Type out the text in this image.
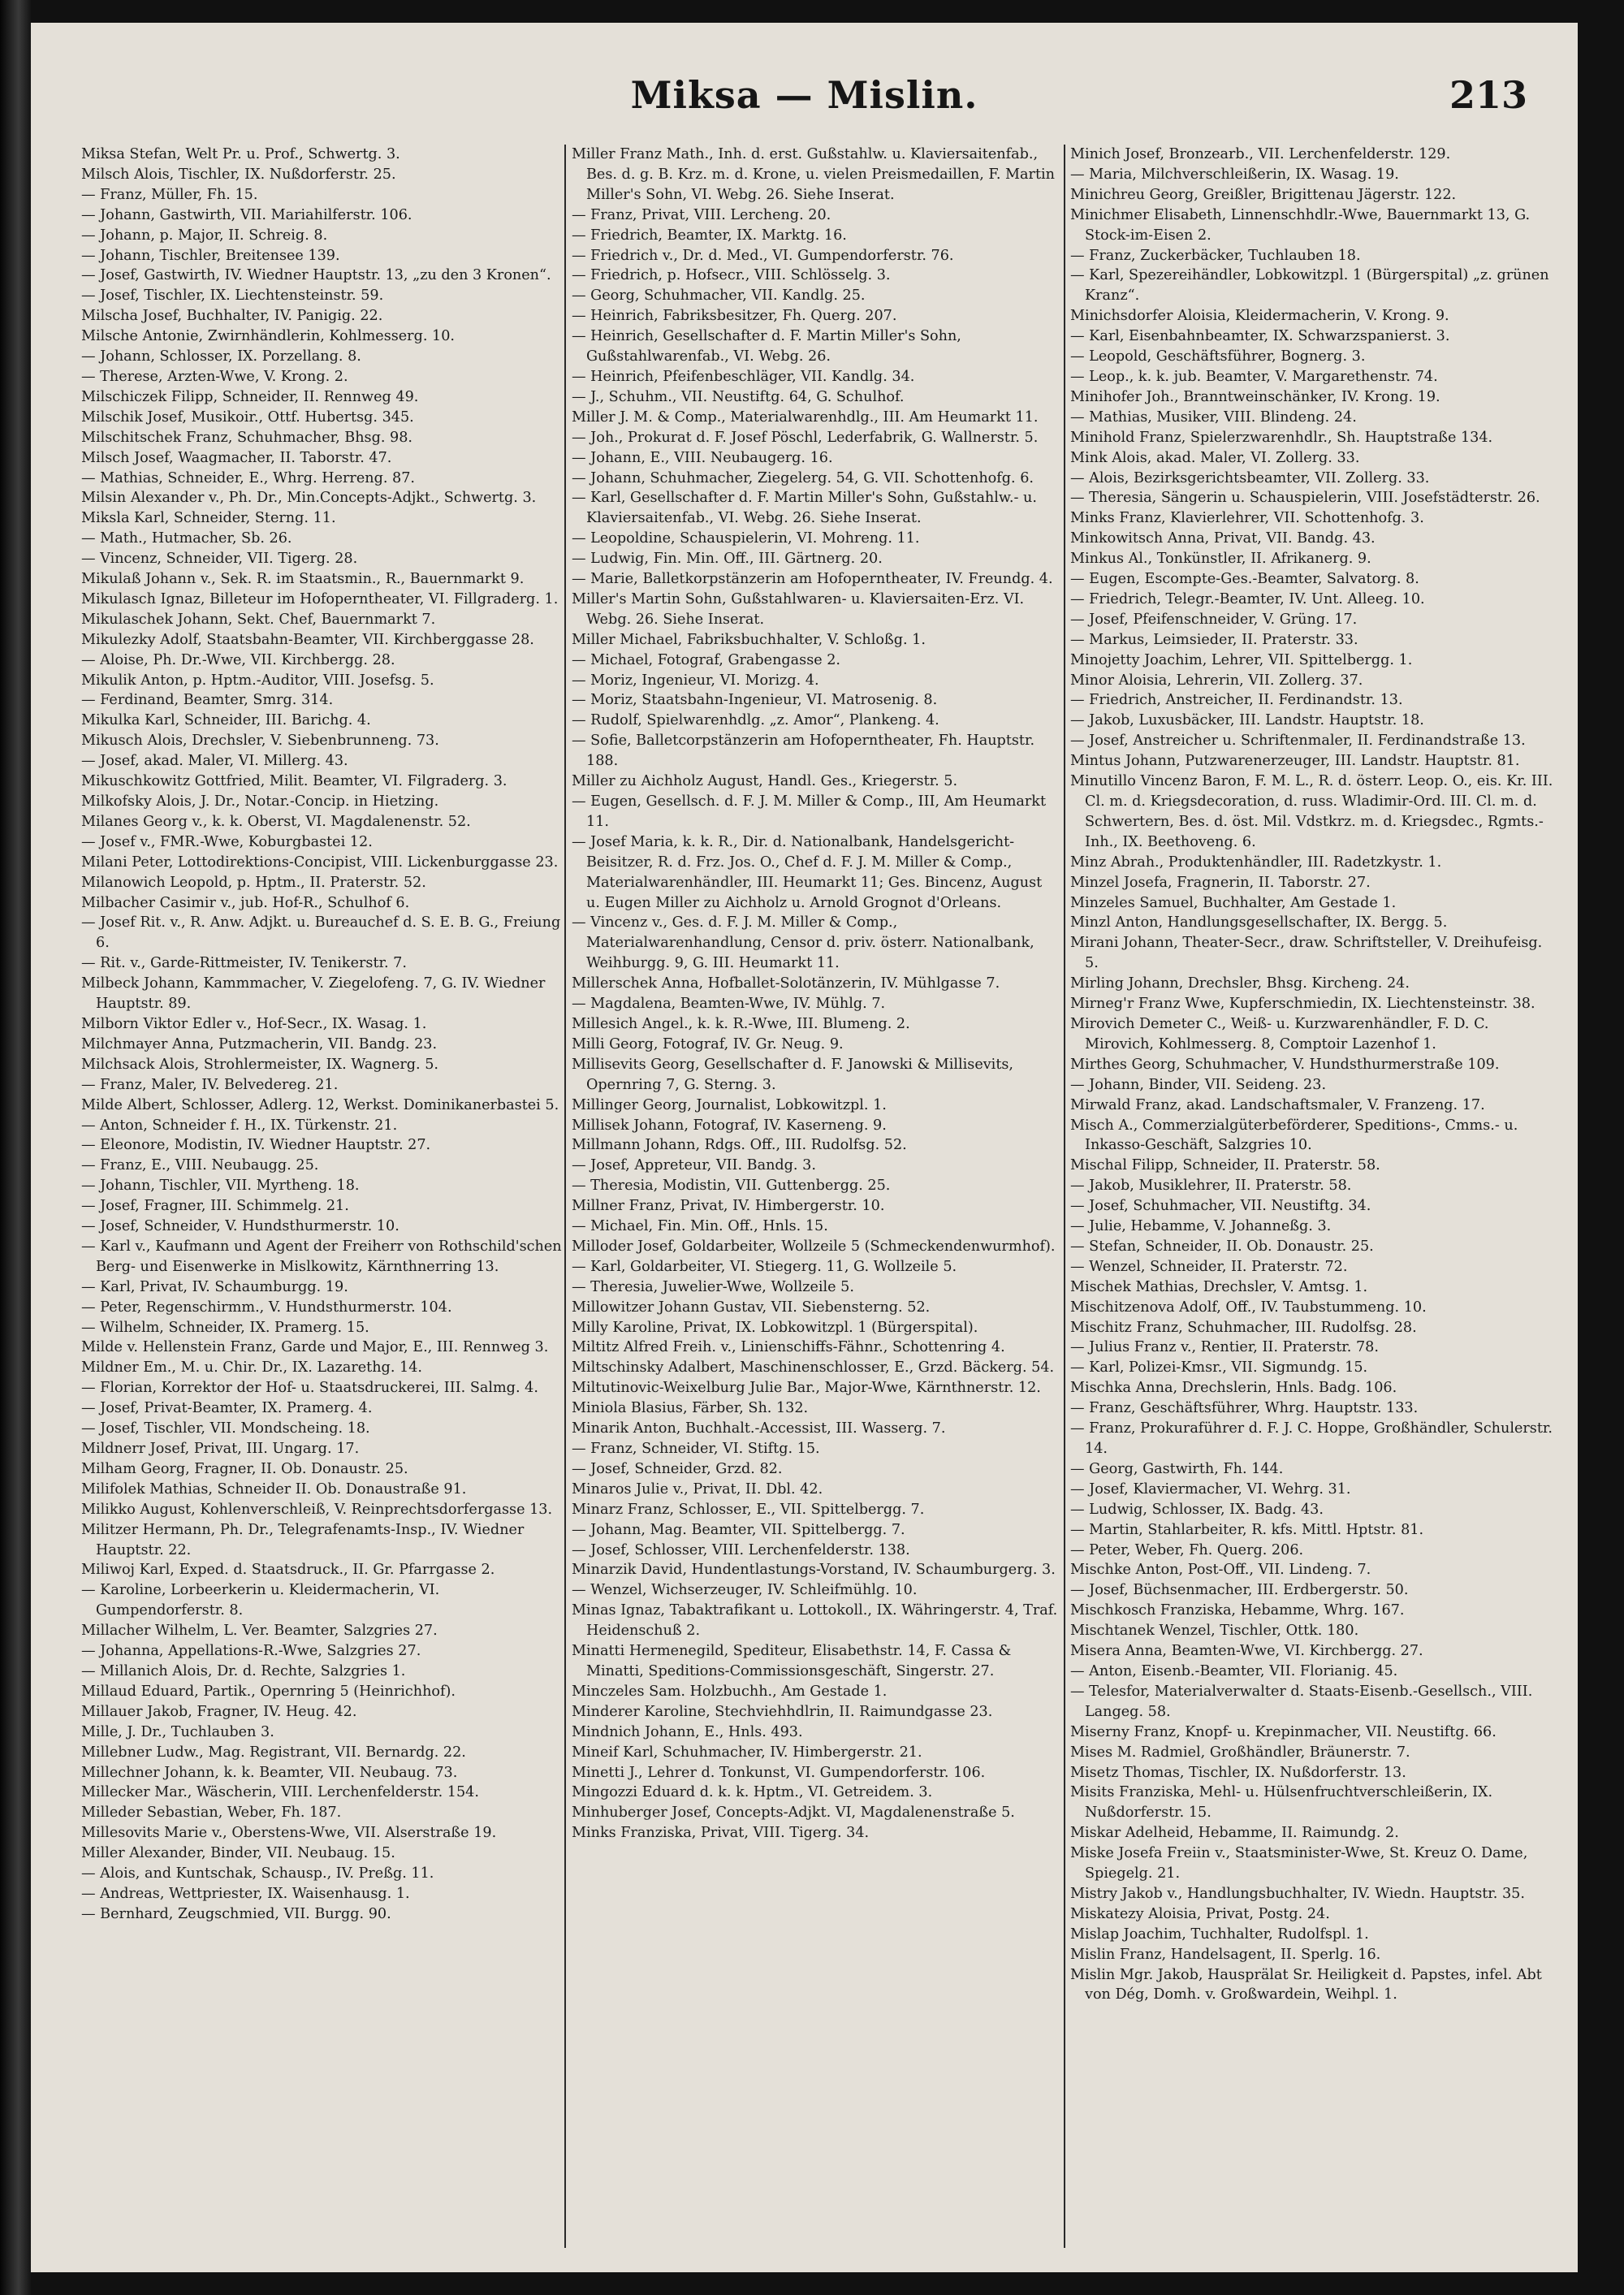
Miksa — Mislin.	213
Miksa Stefan, Welt Pr. u. Prof., Schwertg. 3.
Milsch Alois, Tischler, IX. Nußdorferstr. 25.
— Franz, Müller, Fh. 15.
— Johann, Gastwirth, VII. Mariahilferstr. 106.
— Johann, p. Major, II. Schreig. 8.
— Johann, Tischler, Breitensee 139.
— Josef, Gastwirth, IV. Wiedner Hauptstr. 13, „zu den 3 Kronen“.
— Josef, Tischler, IX. Liechtensteinstr. 59.
Milscha Josef, Buchhalter, IV. Panigig. 22.
Milsche Antonie, Zwirnhändlerin, Kohlmesserg. 10.
— Johann, Schlosser, IX. Porzellang. 8.
— Therese, Arzten-Wwe, V. Krong. 2.
Milschiczek Filipp, Schneider, II. Rennweg 49.
Milschik Josef, Musikoir., Ottf. Hubertsg. 345.
Milschitschek Franz, Schuhmacher, Bhsg. 98.
Milsch Josef, Waagmacher, II. Taborstr. 47.
— Mathias, Schneider, E., Whrg. Herreng. 87.
Milsin Alexander v., Ph. Dr., Min.Concepts-Adjkt., Schwertg. 3.
Miksla Karl, Schneider, Sterng. 11.
— Math., Hutmacher, Sb. 26.
— Vincenz, Schneider, VII. Tigerg. 28.
Mikulaß Johann v., Sek. R. im Staatsmin., R., Bauernmarkt 9.
Mikulasch Ignaz, Billeteur im Hofoperntheater, VI. Fillgraderg. 1.
Mikulaschek Johann, Sekt. Chef, Bauernmarkt 7.
Mikulezky Adolf, Staatsbahn-Beamter, VII. Kirchberggasse 28.
— Aloise, Ph. Dr.-Wwe, VII. Kirchbergg. 28.
Mikulik Anton, p. Hptm.-Auditor, VIII. Josefsg. 5.
— Ferdinand, Beamter, Smrg. 314.
Mikulka Karl, Schneider, III. Barichg. 4.
Mikusch Alois, Drechsler, V. Siebenbrunneng. 73.
— Josef, akad. Maler, VI. Millerg. 43.
Mikuschkowitz Gottfried, Milit. Beamter, VI. Filgraderg. 3.
Milkofsky Alois, J. Dr., Notar.-Concip. in Hietzing.
Milanes Georg v., k. k. Oberst, VI. Magdalenenstr. 52.
— Josef v., FMR.-Wwe, Koburgbastei 12.
Milani Peter, Lottodirektions-Concipist, VIII. Lickenburggasse 23.
Milanowich Leopold, p. Hptm., II. Praterstr. 52.
Milbacher Casimir v., jub. Hof-R., Schulhof 6.
— Josef Rit. v., R. Anw. Adjkt. u. Bureauchef d. S. E. B. G., Freiung 6.
— Rit. v., Garde-Rittmeister, IV. Tenikerstr. 7.
Milbeck Johann, Kammmacher, V. Ziegelofeng. 7, G. IV. Wiedner Hauptstr. 89.
Milborn Viktor Edler v., Hof-Secr., IX. Wasag. 1.
Milchmayer Anna, Putzmacherin, VII. Bandg. 23.
Milchsack Alois, Strohlermeister, IX. Wagnerg. 5.
— Franz, Maler, IV. Belvedereg. 21.
Milde Albert, Schlosser, Adlerg. 12, Werkst. Dominikanerbastei 5.
— Anton, Schneider f. H., IX. Türkenstr. 21.
— Eleonore, Modistin, IV. Wiedner Hauptstr. 27.
— Franz, E., VIII. Neubaugg. 25.
— Johann, Tischler, VII. Myrtheng. 18.
— Josef, Fragner, III. Schimmelg. 21.
— Josef, Schneider, V. Hundsthurmerstr. 10.
— Karl v., Kaufmann und Agent der Freiherr von Rothschild'schen Berg- und Eisenwerke in Mislkowitz, Kärnthnerring 13.
— Karl, Privat, IV. Schaumburgg. 19.
— Peter, Regenschirmm., V. Hundsthurmerstr. 104.
— Wilhelm, Schneider, IX. Pramerg. 15.
Milde v. Hellenstein Franz, Garde und Major, E., III. Rennweg 3.
Mildner Em., M. u. Chir. Dr., IX. Lazarethg. 14.
— Florian, Korrektor der Hof- u. Staatsdruckerei, III. Salmg. 4.
— Josef, Privat-Beamter, IX. Pramerg. 4.
— Josef, Tischler, VII. Mondscheing. 18.
Mildnerr Josef, Privat, III. Ungarg. 17.
Milham Georg, Fragner, II. Ob. Donaustr. 25.
Milifolek Mathias, Schneider II. Ob. Donaustraße 91.
Milikko August, Kohlenverschleiß, V. Reinprechtsdorfergasse 13.
Militzer Hermann, Ph. Dr., Telegrafenamts-Insp., IV. Wiedner Hauptstr. 22.
Miliwoj Karl, Exped. d. Staatsdruck., II. Gr. Pfarrgasse 2.
— Karoline, Lorbeerkerin u. Kleidermacherin, VI. Gumpendorferstr. 8.
Millacher Wilhelm, L. Ver. Beamter, Salzgries 27.
— Johanna, Appellations-R.-Wwe, Salzgries 27.
— Millanich Alois, Dr. d. Rechte, Salzgries 1.
Millaud Eduard, Partik., Opernring 5 (Heinrichhof).
Millauer Jakob, Fragner, IV. Heug. 42.
Mille, J. Dr., Tuchlauben 3.
Millebner Ludw., Mag. Registrant, VII. Bernardg. 22.
Millechner Johann, k. k. Beamter, VII. Neubaug. 73.
Millecker Mar., Wäscherin, VIII. Lerchenfelderstr. 154.
Milleder Sebastian, Weber, Fh. 187.
Millesovits Marie v., Oberstens-Wwe, VII. Alserstraße 19.
Miller Alexander, Binder, VII. Neubaug. 15.
— Alois, and Kuntschak, Schausp., IV. Preßg. 11.
— Andreas, Wettpriester, IX. Waisenhausg. 1.
— Bernhard, Zeugschmied, VII. Burgg. 90.
Miller Franz Math., Inh. d. erst. Gußstahlw. u. Klaviersaitenfab., Bes. d. g. B. Krz. m. d. Krone, u. vielen Preismedaillen, F. Martin Miller's Sohn, VI. Webg. 26. Siehe Inserat.
— Franz, Privat, VIII. Lercheng. 20.
— Friedrich, Beamter, IX. Marktg. 16.
— Friedrich v., Dr. d. Med., VI. Gumpendorferstr. 76.
— Friedrich, p. Hofsecr., VIII. Schlösselg. 3.
— Georg, Schuhmacher, VII. Kandlg. 25.
— Heinrich, Fabriksbesitzer, Fh. Querg. 207.
— Heinrich, Gesellschafter d. F. Martin Miller's Sohn, Gußstahlwarenfab., VI. Webg. 26.
— Heinrich, Pfeifenbeschläger, VII. Kandlg. 34.
— J., Schuhm., VII. Neustiftg. 64, G. Schulhof.
Miller J. M. & Comp., Materialwarenhdlg., III. Am Heumarkt 11.
— Joh., Prokurat d. F. Josef Pöschl, Lederfabrik, G. Wallnerstr. 5.
— Johann, E., VIII. Neubaugerg. 16.
— Johann, Schuhmacher, Ziegelerg. 54, G. VII. Schottenhofg. 6.
— Karl, Gesellschafter d. F. Martin Miller's Sohn, Gußstahlw.- u. Klaviersaitenfab., VI. Webg. 26. Siehe Inserat.
— Leopoldine, Schauspielerin, VI. Mohreng. 11.
— Ludwig, Fin. Min. Off., III. Gärtnerg. 20.
— Marie, Balletkorpstänzerin am Hofoperntheater, IV. Freundg. 4.
Miller's Martin Sohn, Gußstahlwaren- u. Klaviersaiten-Erz. VI. Webg. 26. Siehe Inserat.
Miller Michael, Fabriksbuchhalter, V. Schloßg. 1.
— Michael, Fotograf, Grabengasse 2.
— Moriz, Ingenieur, VI. Morizg. 4.
— Moriz, Staatsbahn-Ingenieur, VI. Matrosenig. 8.
— Rudolf, Spielwarenhdlg. „z. Amor“, Plankeng. 4.
— Sofie, Balletcorpstänzerin am Hofoperntheater, Fh. Hauptstr. 188.
Miller zu Aichholz August, Handl. Ges., Kriegerstr. 5.
— Eugen, Gesellsch. d. F. J. M. Miller & Comp., III, Am Heumarkt 11.
— Josef Maria, k. k. R., Dir. d. Nationalbank, Handelsgericht-Beisitzer, R. d. Frz. Jos. O., Chef d. F. J. M. Miller & Comp., Materialwarenhändler, III. Heumarkt 11; Ges. Bincenz, August u. Eugen Miller zu Aichholz u. Arnold Grognot d'Orleans.
— Vincenz v., Ges. d. F. J. M. Miller & Comp., Materialwarenhandlung, Censor d. priv. österr. Nationalbank, Weihburgg. 9, G. III. Heumarkt 11.
Millerschek Anna, Hofballet-Solotänzerin, IV. Mühlgasse 7.
— Magdalena, Beamten-Wwe, IV. Mühlg. 7.
Millesich Angel., k. k. R.-Wwe, III. Blumeng. 2.
Milli Georg, Fotograf, IV. Gr. Neug. 9.
Millisevits Georg, Gesellschafter d. F. Janowski & Millisevits, Opernring 7, G. Sterng. 3.
Millinger Georg, Journalist, Lobkowitzpl. 1.
Millisek Johann, Fotograf, IV. Kaserneng. 9.
Millmann Johann, Rdgs. Off., III. Rudolfsg. 52.
— Josef, Appreteur, VII. Bandg. 3.
— Theresia, Modistin, VII. Guttenbergg. 25.
Millner Franz, Privat, IV. Himbergerstr. 10.
— Michael, Fin. Min. Off., Hnls. 15.
Milloder Josef, Goldarbeiter, Wollzeile 5 (Schmeckendenwurmhof).
— Karl, Goldarbeiter, VI. Stiegerg. 11, G. Wollzeile 5.
— Theresia, Juwelier-Wwe, Wollzeile 5.
Millowitzer Johann Gustav, VII. Siebensterng. 52.
Milly Karoline, Privat, IX. Lobkowitzpl. 1 (Bürgerspital).
Miltitz Alfred Freih. v., Linienschiffs-Fähnr., Schottenring 4.
Miltschinsky Adalbert, Maschinenschlosser, E., Grzd. Bäckerg. 54.
Miltutinovic-Weixelburg Julie Bar., Major-Wwe, Kärnthnerstr. 12.
Miniola Blasius, Färber, Sh. 132.
Minarik Anton, Buchhalt.-Accessist, III. Wasserg. 7.
— Franz, Schneider, VI. Stiftg. 15.
— Josef, Schneider, Grzd. 82.
Minaros Julie v., Privat, II. Dbl. 42.
Minarz Franz, Schlosser, E., VII. Spittelbergg. 7.
— Johann, Mag. Beamter, VII. Spittelbergg. 7.
— Josef, Schlosser, VIII. Lerchenfelderstr. 138.
Minarzik David, Hundentlastungs-Vorstand, IV. Schaumburgerg. 3.
— Wenzel, Wichserzeuger, IV. Schleifmühlg. 10.
Minas Ignaz, Tabaktrafikant u. Lottokoll., IX. Währingerstr. 4, Traf. Heidenschuß 2.
Minatti Hermenegild, Spediteur, Elisabethstr. 14, F. Cassa & Minatti, Speditions-Commissionsgeschäft, Singerstr. 27.
Minczeles Sam. Holzbuchh., Am Gestade 1.
Minderer Karoline, Stechviehhdlrin, II. Raimundgasse 23.
Mindnich Johann, E., Hnls. 493.
Mineif Karl, Schuhmacher, IV. Himbergerstr. 21.
Minetti J., Lehrer d. Tonkunst, VI. Gumpendorferstr. 106.
Mingozzi Eduard d. k. k. Hptm., VI. Getreidem. 3.
Minhuberger Josef, Concepts-Adjkt. VI, Magdalenenstraße 5.
Minks Franziska, Privat, VIII. Tigerg. 34.
Minich Josef, Bronzearb., VII. Lerchenfelderstr. 129.
— Maria, Milchverschleißerin, IX. Wasag. 19.
Minichreu Georg, Greißler, Brigittenau Jägerstr. 122.
Minichmer Elisabeth, Linnenschhdlr.-Wwe, Bauernmarkt 13, G. Stock-im-Eisen 2.
— Franz, Zuckerbäcker, Tuchlauben 18.
— Karl, Spezereihändler, Lobkowitzpl. 1 (Bürgerspital) „z. grünen Kranz“.
Minichsdorfer Aloisia, Kleidermacherin, V. Krong. 9.
— Karl, Eisenbahnbeamter, IX. Schwarzspanierst. 3.
— Leopold, Geschäftsführer, Bognerg. 3.
— Leop., k. k. jub. Beamter, V. Margarethenstr. 74.
Minihofer Joh., Branntweinschänker, IV. Krong. 19.
— Mathias, Musiker, VIII. Blindeng. 24.
Minihold Franz, Spielerzwarenhdlr., Sh. Hauptstraße 134.
Mink Alois, akad. Maler, VI. Zollerg. 33.
— Alois, Bezirksgerichtsbeamter, VII. Zollerg. 33.
— Theresia, Sängerin u. Schauspielerin, VIII. Josefstädterstr. 26.
Minks Franz, Klavierlehrer, VII. Schottenhofg. 3.
Minkowitsch Anna, Privat, VII. Bandg. 43.
Minkus Al., Tonkünstler, II. Afrikanerg. 9.
— Eugen, Escompte-Ges.-Beamter, Salvatorg. 8.
— Friedrich, Telegr.-Beamter, IV. Unt. Alleeg. 10.
— Josef, Pfeifenschneider, V. Grüng. 17.
— Markus, Leimsieder, II. Praterstr. 33.
Minojetty Joachim, Lehrer, VII. Spittelbergg. 1.
Minor Aloisia, Lehrerin, VII. Zollerg. 37.
— Friedrich, Anstreicher, II. Ferdinandstr. 13.
— Jakob, Luxusbäcker, III. Landstr. Hauptstr. 18.
— Josef, Anstreicher u. Schriftenmaler, II. Ferdinandstraße 13.
Mintus Johann, Putzwarenerzeuger, III. Landstr. Hauptstr. 81.
Minutillo Vincenz Baron, F. M. L., R. d. österr. Leop. O., eis. Kr. III. Cl. m. d. Kriegsdecoration, d. russ. Wladimir-Ord. III. Cl. m. d. Schwertern, Bes. d. öst. Mil. Vdstkrz. m. d. Kriegsdec., Rgmts.-Inh., IX. Beethoveng. 6.
Minz Abrah., Produktenhändler, III. Radetzkystr. 1.
Minzel Josefa, Fragnerin, II. Taborstr. 27.
Minzeles Samuel, Buchhalter, Am Gestade 1.
Minzl Anton, Handlungsgesellschafter, IX. Bergg. 5.
Mirani Johann, Theater-Secr., draw. Schriftsteller, V. Dreihufeisg. 5.
Mirling Johann, Drechsler, Bhsg. Kircheng. 24.
Mirneg'r Franz Wwe, Kupferschmiedin, IX. Liechtensteinstr. 38.
Mirovich Demeter C., Weiß- u. Kurzwarenhändler, F. D. C. Mirovich, Kohlmesserg. 8, Comptoir Lazenhof 1.
Mirthes Georg, Schuhmacher, V. Hundsthurmerstraße 109.
— Johann, Binder, VII. Seideng. 23.
Mirwald Franz, akad. Landschaftsmaler, V. Franzeng. 17.
Misch A., Commerzialgüterbeförderer, Speditions-, Cmms.- u. Inkasso-Geschäft, Salzgries 10.
Mischal Filipp, Schneider, II. Praterstr. 58.
— Jakob, Musiklehrer, II. Praterstr. 58.
— Josef, Schuhmacher, VII. Neustiftg. 34.
— Julie, Hebamme, V. Johanneßg. 3.
— Stefan, Schneider, II. Ob. Donaustr. 25.
— Wenzel, Schneider, II. Praterstr. 72.
Mischek Mathias, Drechsler, V. Amtsg. 1.
Mischitzenova Adolf, Off., IV. Taubstummeng. 10.
Mischitz Franz, Schuhmacher, III. Rudolfsg. 28.
— Julius Franz v., Rentier, II. Praterstr. 78.
— Karl, Polizei-Kmsr., VII. Sigmundg. 15.
Mischka Anna, Drechslerin, Hnls. Badg. 106.
— Franz, Geschäftsführer, Whrg. Hauptstr. 133.
— Franz, Prokuraführer d. F. J. C. Hoppe, Großhändler, Schulerstr. 14.
— Georg, Gastwirth, Fh. 144.
— Josef, Klaviermacher, VI. Wehrg. 31.
— Ludwig, Schlosser, IX. Badg. 43.
— Martin, Stahlarbeiter, R. kfs. Mittl. Hptstr. 81.
— Peter, Weber, Fh. Querg. 206.
Mischke Anton, Post-Off., VII. Lindeng. 7.
— Josef, Büchsenmacher, III. Erdbergerstr. 50.
Mischkosch Franziska, Hebamme, Whrg. 167.
Mischtanek Wenzel, Tischler, Ottk. 180.
Misera Anna, Beamten-Wwe, VI. Kirchbergg. 27.
— Anton, Eisenb.-Beamter, VII. Florianig. 45.
— Telesfor, Materialverwalter d. Staats-Eisenb.-Gesellsch., VIII. Langeg. 58.
Miserny Franz, Knopf- u. Krepinmacher, VII. Neustiftg. 66.
Mises M. Radmiel, Großhändler, Bräunerstr. 7.
Misetz Thomas, Tischler, IX. Nußdorferstr. 13.
Misits Franziska, Mehl- u. Hülsenfruchtverschleißerin, IX. Nußdorferstr. 15.
Miskar Adelheid, Hebamme, II. Raimundg. 2.
Miske Josefa Freiin v., Staatsminister-Wwe, St. Kreuz O. Dame, Spiegelg. 21.
Mistry Jakob v., Handlungsbuchhalter, IV. Wiedn. Hauptstr. 35.
Miskatezy Aloisia, Privat, Postg. 24.
Mislap Joachim, Tuchhalter, Rudolfspl. 1.
Mislin Franz, Handelsagent, II. Sperlg. 16.
Mislin Mgr. Jakob, Hausprälat Sr. Heiligkeit d. Papstes, infel. Abt von Dég, Domh. v. Großwardein, Weihpl. 1.
